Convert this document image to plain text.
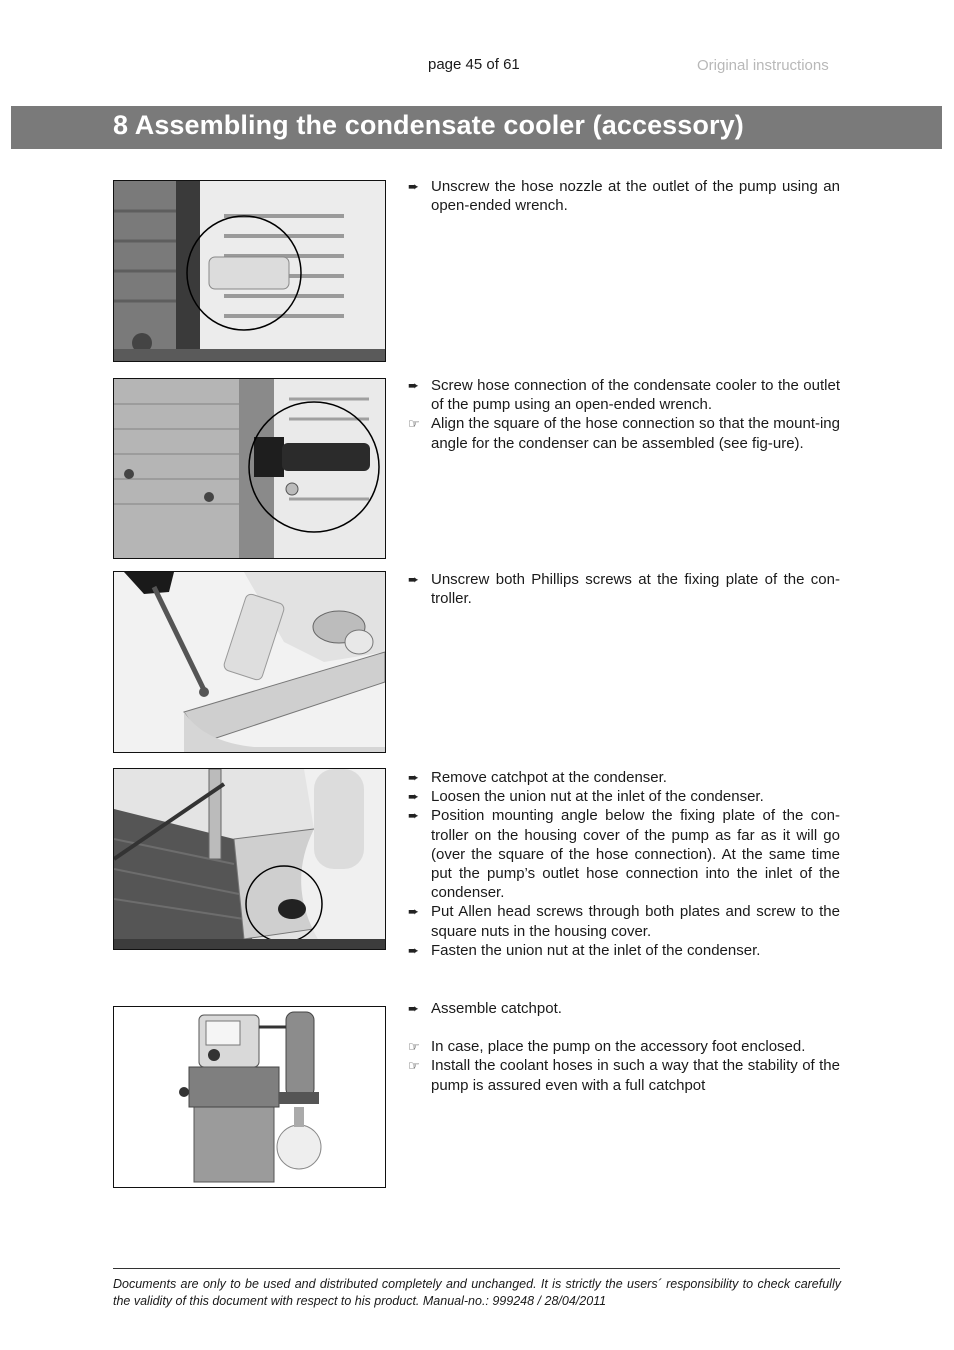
page 45 of 61	Original instructions
8 Assembling the condensate cooler (accessory)
➨ Unscrew the hose nozzle at the outlet of the pump using an open-ended wrench.
➨ Screw hose connection of the condensate cooler to the outlet of the pump using an open-ended wrench.
☞ Align the square of the hose connection so that the mount-ing angle for the condenser can be assembled (see fig-ure).
➨ Unscrew both Phillips screws at the fixing plate of the con-troller.
➨ Remove catchpot at the condenser.
➨ Loosen the union nut at the inlet of the condenser.
➨ Position mounting angle below the fixing plate of the con-troller on the housing cover of the pump as far as it will go (over the square of the hose connection). At the same time put the pump’s outlet hose connection into the inlet of the condenser.
➨ Put Allen head screws through both plates and screw to the square nuts in the housing cover.
➨ Fasten the union nut at the inlet of the condenser.
➨ Assemble catchpot.
☞ In case, place the pump on the accessory foot enclosed.
☞ Install the coolant hoses in such a way that the stability of the pump is assured even with a full catchpot
Documents are only to be used and distributed completely and unchanged. It is strictly the users´ responsibility to check carefully the validity of this document with respect to his product. Manual-no.: 999248 / 28/04/2011
